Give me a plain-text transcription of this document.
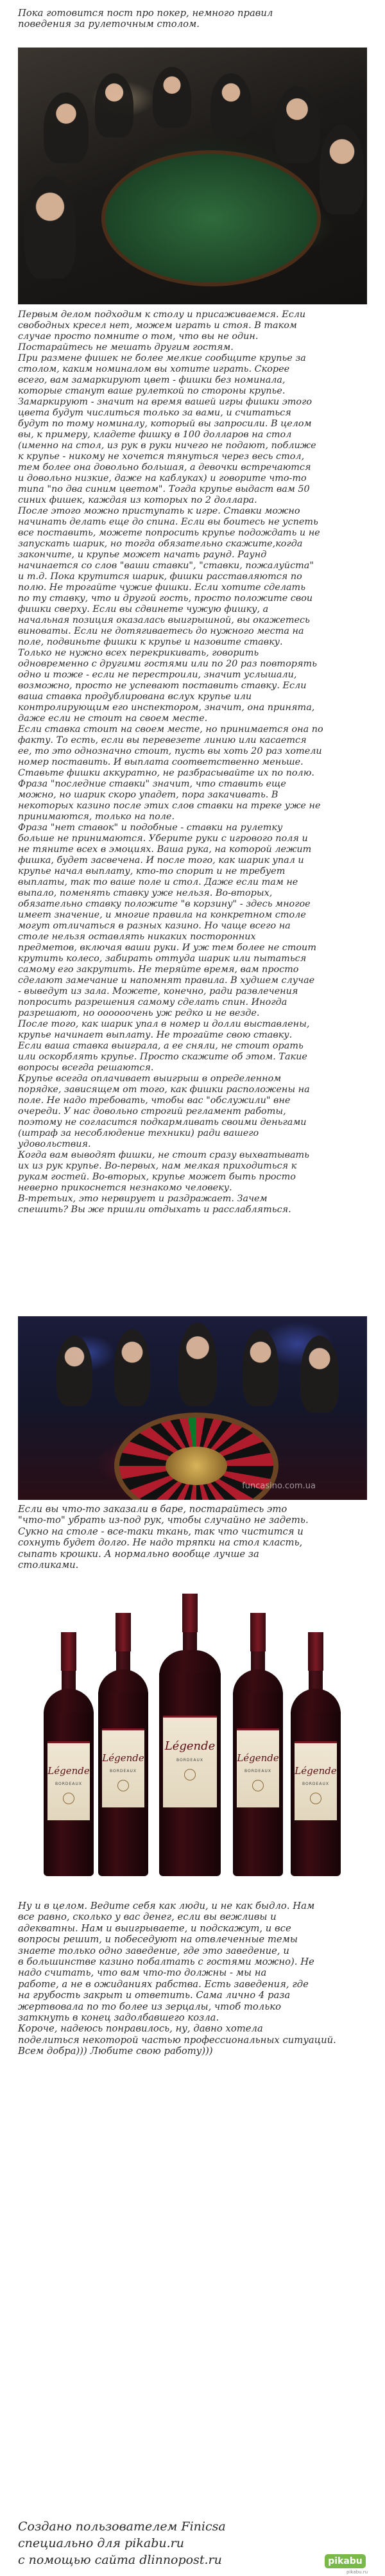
Пока готовится пост про покер, немного правил
поведения за рулеточным столом.

Первым делом подходим к столу и присаживаемся. Если
свободных кресел нет, можем играть и стоя. В таком
случае просто помните о том, что вы не один.
Постарайтесь не мешать другим гостям.
При размене фишек не более мелкие сообщите крупье за
столом, каким номиналом вы хотите играть. Скорее
всего, вам замаркируют цвет - фишки без номинала,
которые станут ваше рулеткой по стороны крупье.
Замаркируют - значит на время вашей игры фишки этого
цвета будут числиться только за вами, и считаться
будут по тому номиналу, который вы запросили. В целом
вы, к примеру, кладете фишку в 100 долларов на стол
(именно на стол, из рук в руки ничего не подают, поближе
к крупье - никому не хочется тянуться через весь стол,
тем более она довольно большая, а девочки встречаются
и довольно низкие, даже на каблуках) и говорите что-то
типа "по два синим цветом". Тогда крупье выдаст вам 50
синих фишек, каждая из которых по 2 доллара.
После этого можно приступать к игре. Ставки можно
начинать делать еще до спина. Если вы боитесь не успеть
все поставить, можете попросить крупье подождать и не
запускать шарик, но тогда обязательно скажите,когда
закончите, и крупье может начать раунд. Раунд
начинается со слов "ваши ставки", "ставки, пожалуйста"
и т.д. Пока крутится шарик, фишки расставляются по
полю. Не трогайте чужие фишки. Если хотите сделать
по ту ставку, что и другой гость, просто положите свои
фишки сверху. Если вы сдвинете чужую фишку, а
начальная позиция оказалась выигрышной, вы окажетесь
виноваты. Если не дотягиваетесь до нужного места на
поле, подвиньте фишки к крупье и назовите ставку.
Только не нужно всех перекрикивать, говорить
одновременно с другими гостями или по 20 раз повторять
одно и тоже - если не перестроили, значит услышали,
возможно, просто не успевают поставить ставку. Если
ваша ставка продублирована вслух крупье или
контролирующим его инспектором, значит, она принята,
даже если не стоит на своем месте.
Если ставка стоит на своем месте, но принимается она по
факту. То есть, если вы перевезете линию или касается
ее, то это однозначно стоит, пусть вы хоть 20 раз хотели
номер поставить. И выплата соответственно меньше.
Ставьте фишки аккуратно, не разбрасывайте их по полю.
Фраза "последние ставки" значит, что ставить еще
можно, но шарик скоро упадет, пора закачивать. В
некоторых казино после этих слов ставки на треке уже не
принимаются, только на поле.
Фраза "нет ставок" и подобные - ставки на рулетку
больше не принимаются. Уберите руки с игрового поля и
не тяните всех в эмоциях. Ваша рука, на которой лежит
фишка, будет засвечена. И после того, как шарик упал и
крупье начал выплату, кто-то спорит и не требует
выплаты, так то ваше поле и стол. Даже если там не
выпало, поменять ставку уже нельзя. Во-вторых,
обязательно ставку положите "в корзину" - здесь многое
имеет значение, и многие правила на конкретном столе
могут отличаться в разных казино. Но чаще всего на
столе нельзя оставлять никаких посторонних
предметов, включая ваши руки. И уж тем более не стоит
крутить колесо, забирать оттуда шарик или пытаться
самому его закрутить. Не теряйте время, вам просто
сделают замечание и напомнят правила. В худшем случае
- выведут из зала. Можете, конечно, ради развлечения
попросить разрешения самому сделать спин. Иногда
разрешают, но оооооочень уж редко и не везде.
После того, как шарик упал в номер и долли выставлены,
крупье начинает выплату. Не трогайте свою ставку.
Если ваша ставка выиграла, а ее сняли, не стоит орать
или оскорблять крупье. Просто скажите об этом. Такие
вопросы всегда решаются.
Крупье всегда оплачивает выигрыш в определенном
порядке, зависящем от того, как фишки расположены на
поле. Не надо требовать, чтобы вас "обслужили" вне
очереди. У нас довольно строгий регламент работы,
поэтому не согласится подкармливать своими деньгами
(штраф за несоблюдение техники) ради вашего
удовольствия.
Когда вам выводят фишки, не стоит сразу выхватывать
их из рук крупье. Во-первых, нам мелкая приходиться к
рукам гостей. Во-вторых, крупье может быть просто
неверно прикоснется незнакомо человеку.
В-третьих, это нервирует и раздражает. Зачем
спешить? Вы же пришли отдыхать и расслабляться.

funcasino.com.ua

Если вы что-то заказали в баре, постарайтесь это
"что-то" убрать из-под рук, чтобы случайно не задеть.
Сукно на столе - все-таки ткань, так что чистится и
сохнуть будет долго. Не надо тряпки на стол класть,
сыпать крошки. А нормально вообще лучше за
столиками.

Légende
BORDEAUX
Légende
BORDEAUX
Légende
BORDEAUX	Légende
BORDEAUX	Légende
BORDEAUX

Ну и в целом. Ведите себя как люди, и не как быдло. Нам
все равно, сколько у вас денег, если вы вежливы и
адекватны. Нам и выигрываете, и подскажут, и все
вопросы решит, и побеседуют на отвлеченные темы
знаете только одно заведение, где это заведение, и
в большинстве казино побалтать с гостями можно). Не
надо считать, что вам что-то должны - мы на
работе, а не в ожиданиях рабства. Есть заведения, где
на грубость закрыт и ответить. Сама лично 4 раза
жертвовала по то более из зерцалы, чтоб только
заткнуть в конец задолбавшего козла.
Короче, надеюсь понравилось, ну, давно хотела
поделиться некоторой частью профессиональных ситуаций.
Всем добра))) Любите свою работу)))

Создано пользователем Finicsa

специально для pikabu.ru

с помощью сайта dlinnopost.ru	pikabu
pikabu.ru
